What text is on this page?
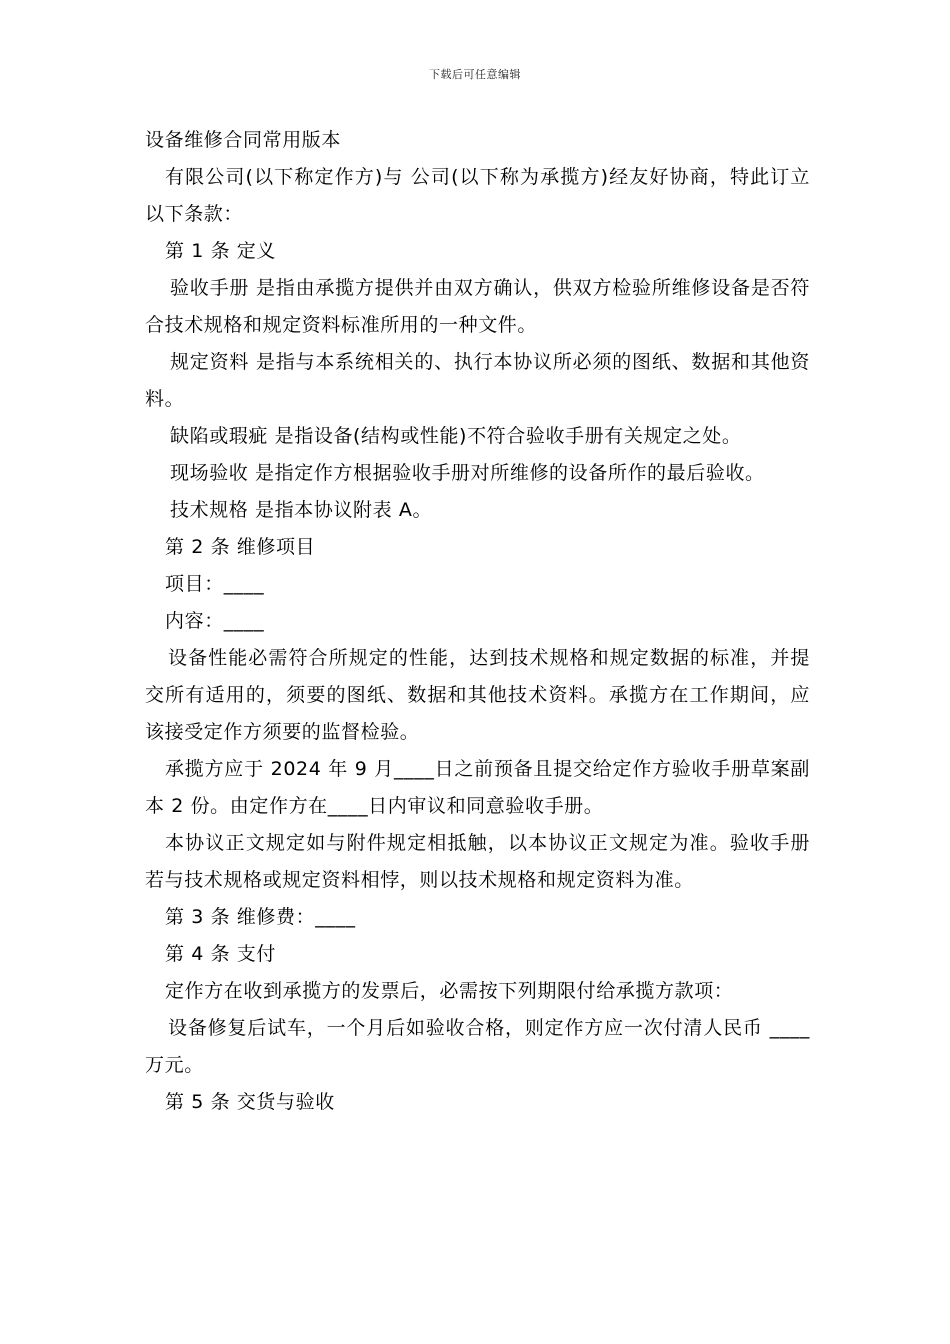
下载后可任意编辑

设备维修合同常用版本

有限公司(以下称定作方)与 公司(以下称为承揽方)经友好协商，特此订立以下条款：

第 1 条 定义

验收手册 是指由承揽方提供并由双方确认，供双方检验所维修设备是否符合技术规格和规定资料标准所用的一种文件。

规定资料 是指与本系统相关的、执行本协议所必须的图纸、数据和其他资料。

缺陷或瑕疵 是指设备(结构或性能)不符合验收手册有关规定之处。

现场验收 是指定作方根据验收手册对所维修的设备所作的最后验收。

技术规格 是指本协议附表 A。

第 2 条 维修项目

项目：____

内容：____

设备性能必需符合所规定的性能，达到技术规格和规定数据的标准，并提交所有适用的，须要的图纸、数据和其他技术资料。承揽方在工作期间，应该接受定作方须要的监督检验。

承揽方应于 2024 年 9 月____日之前预备且提交给定作方验收手册草案副本 2 份。由定作方在____日内审议和同意验收手册。

本协议正文规定如与附件规定相抵触，以本协议正文规定为准。验收手册若与技术规格或规定资料相悖，则以技术规格和规定资料为准。

第 3 条 维修费：____

第 4 条 支付

定作方在收到承揽方的发票后，必需按下列期限付给承揽方款项：

设备修复后试车，一个月后如验收合格，则定作方应一次付清人民币 ____万元。

第 5 条 交货与验收
